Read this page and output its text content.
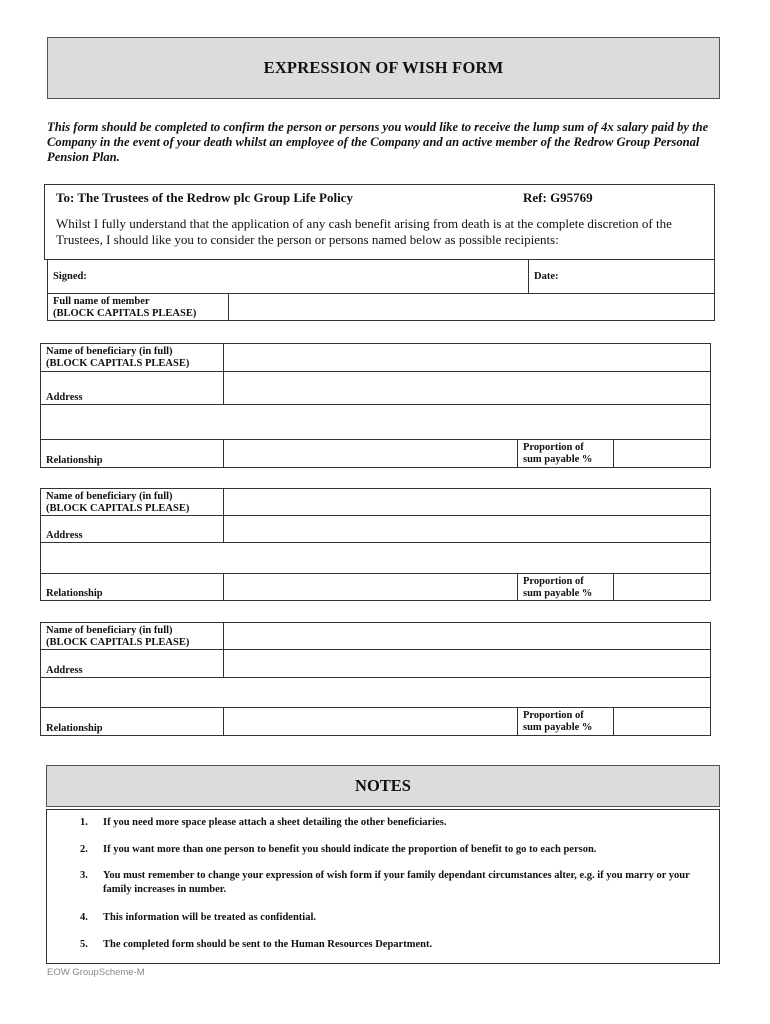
EXPRESSION OF WISH FORM
This form should be completed to confirm the person or persons you would like to receive the lump sum of 4x salary paid by the Company in the event of your death whilst an employee of the Company and an active member of the Redrow Group Personal Pension Plan.
To: The Trustees of the Redrow plc Group Life Policy	Ref: G95769
Whilst I fully understand that the application of any cash benefit arising from death is at the complete discretion of the Trustees, I should like you to consider the person or persons named below as possible recipients:
Signed:		Date:
Full name of member
(BLOCK CAPITALS PLEASE)		
Name of beneficiary (in full)
(BLOCK CAPITALS PLEASE)			
Address			

Relationship		Proportion of
sum payable %	
Name of beneficiary (in full)
(BLOCK CAPITALS PLEASE)			
Address			

Relationship		Proportion of
sum payable %	
Name of beneficiary (in full)
(BLOCK CAPITALS PLEASE)			
Address			

Relationship		Proportion of
sum payable %	
NOTES
1. If you need more space please attach a sheet detailing the other beneficiaries.
2. If you want more than one person to benefit you should indicate the proportion of benefit to go to each person.
3. You must remember to change your expression of wish form if your family dependant circumstances alter, e.g. if you marry or your family increases in number.
4. This information will be treated as confidential.
5. The completed form should be sent to the Human Resources Department.
EOW GroupScheme-M
